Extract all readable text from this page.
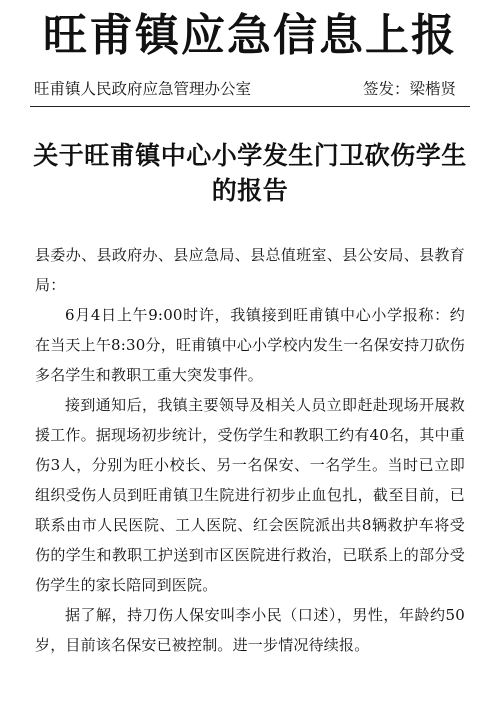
旺甫镇应急信息上报
旺甫镇人民政府应急管理办公室	签发：梁楷贤
关于旺甫镇中心小学发生门卫砍伤学生的报告

县委办、县政府办、县应急局、县总值班室、县公安局、县教育局：

6月4日上午9:00时许，我镇接到旺甫镇中心小学报称：约在当天上午8:30分，旺甫镇中心小学校内发生一名保安持刀砍伤多名学生和教职工重大突发事件。

接到通知后，我镇主要领导及相关人员立即赶赴现场开展救援工作。据现场初步统计，受伤学生和教职工约有40名，其中重伤3人，分别为旺小校长、另一名保安、一名学生。当时已立即组织受伤人员到旺甫镇卫生院进行初步止血包扎，截至目前，已联系由市人民医院、工人医院、红会医院派出共8辆救护车将受伤的学生和教职工护送到市区医院进行救治，已联系上的部分受伤学生的家长陪同到医院。

据了解，持刀伤人保安叫李小民（口述），男性，年龄约50岁，目前该名保安已被控制。进一步情况待续报。
